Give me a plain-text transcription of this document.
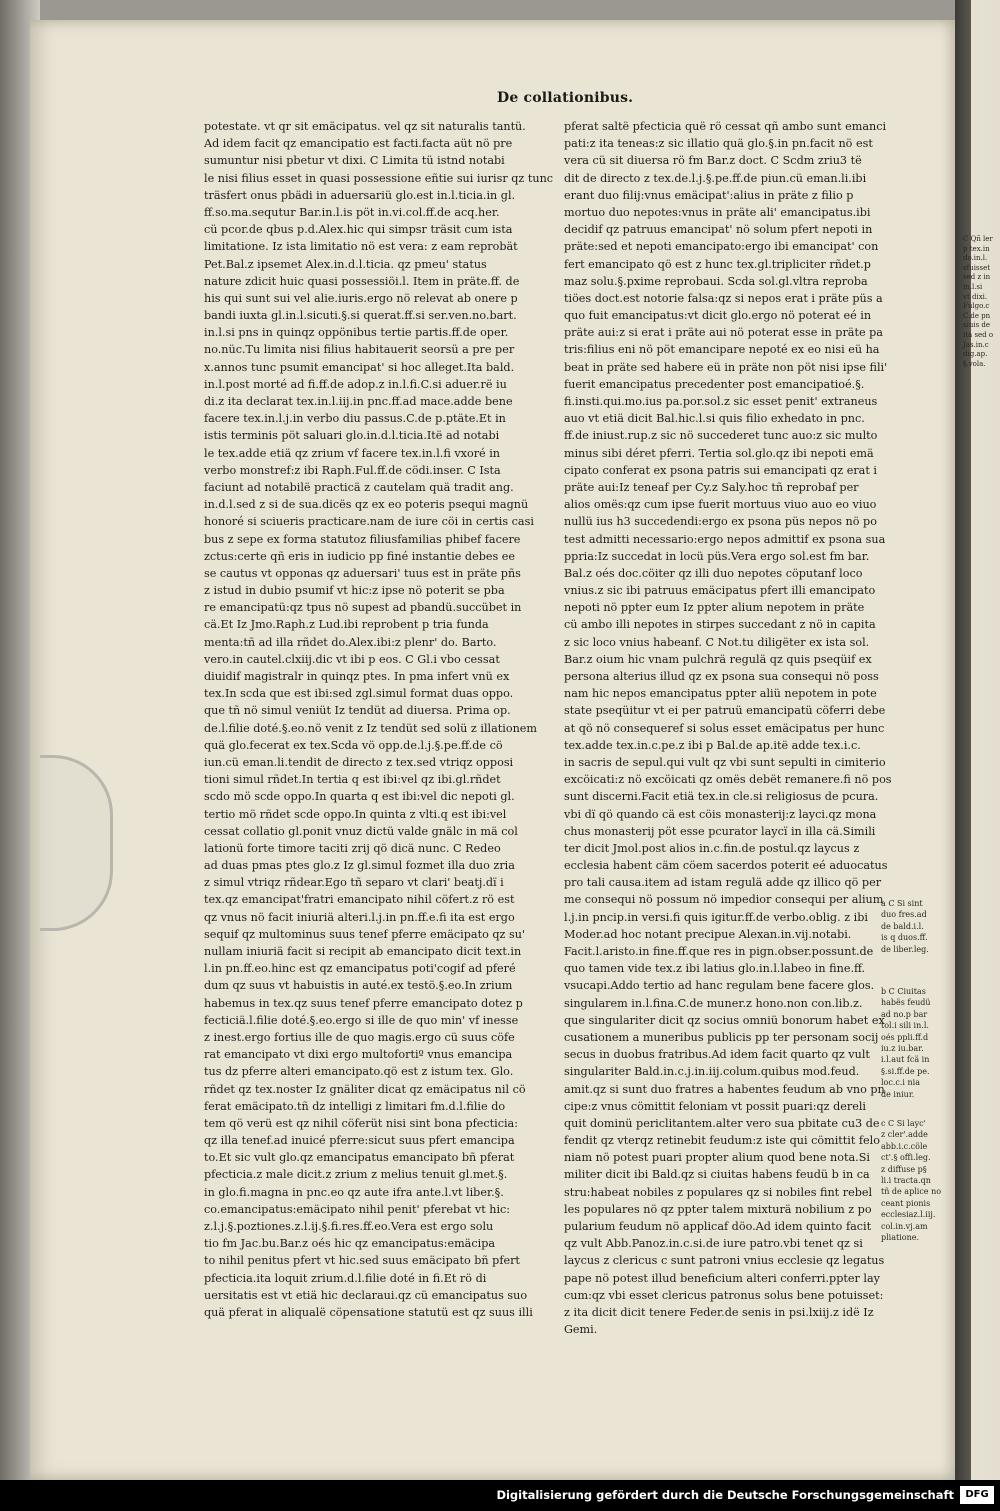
C Qñ ler
p tex.in
do.in.l.
sfuisset
sed z in
in.l.si
vt dixi.
Fulgo.c
C.de pn
siuis de
ita sed o
Jas.in.c
dig.ap.
§.vola.
De collationibus.
potestate. vt qr sit emäcipatus. vel qz sit naturalis tantü.
Ad idem facit qz emancipatio est facti.facta aüt nö pre
sumuntur nisi pbetur vt dixi. C Limita tü istnd notabi
le nisi filius esset in quasi possessione eñtie sui iurisr qz tunc
träsfert onus pbädi in aduersariü glo.est in.l.ticia.in gl.
ff.so.ma.sequtur Bar.in.l.is pöt in.vi.col.ff.de acq.her.
cü pcor.de qbus p.d.Alex.hic qui simpsr träsit cum ista
limitatione. Iz ista limitatio nö est vera: z eam reprobät
Pet.Bal.z ipsemet Alex.in.d.l.ticia. qz pmeu' status
nature zdicit huic quasi possessiöi.l. Item in präte.ff. de
his qui sunt sui vel alie.iuris.ergo nö relevat ab onere p
bandi iuxta gl.in.l.sicuti.§.si querat.ff.si ser.ven.no.bart.
in.l.si pns in quinqz oppönibus tertie partis.ff.de oper.
no.nüc.Tu limita nisi filius habitauerit seorsü a pre per
x.annos tunc psumit emancipat' si hoc alleget.Ita bald.
in.l.post morté ad fi.ff.de adop.z in.l.fi.C.si aduer.rë iu
di.z ita declarat tex.in.l.iij.in pnc.ff.ad mace.adde bene
facere tex.in.l.j.in verbo diu passus.C.de p.ptäte.Et in
istis terminis pöt saluari glo.in.d.l.ticia.Itë ad notabi
le tex.adde etiä qz zrium vf facere tex.in.l.fi vxoré in
verbo monstref:z ibi Raph.Ful.ff.de cödi.inser. C Ista
faciunt ad notabilë practicä z cautelam quä tradit ang.
in.d.l.sed z si de sua.dicës qz ex eo poteris psequi magnü
honoré si sciueris practicare.nam de iure cöi in certis casi
bus z sepe ex forma statutoz filiusfamilias phibef facere
zctus:certe qñ eris in iudicio pp finé instantie debes ee
se cautus vt opponas qz aduersari' tuus est in präte pñs
z istud in dubio psumif vt hic:z ipse nö poterit se pba
re emancipatü:qz tpus nö supest ad pbandü.succübet in
cä.Et Iz Jmo.Raph.z Lud.ibi reprobent p tria funda
menta:tñ ad illa rñdet do.Alex.ibi:z plenr' do. Barto.
vero.in cautel.clxiij.dic vt ibi p eos. C Gl.i vbo cessat
diuidif magistralr in quinqz ptes. In pma infert vnü ex
tex.In scda que est ibi:sed zgl.simul format duas oppo.
que tñ nö simul veniüt Iz tendüt ad diuersa. Prima op.
de.l.filie doté.§.eo.nö venit z Iz tendüt sed solü z illationem
quä glo.fecerat ex tex.Scda vö opp.de.l.j.§.pe.ff.de cö
iun.cü eman.li.tendit de directo z tex.sed vtriqz opposi
tioni simul rñdet.In tertia q est ibi:vel qz ibi.gl.rñdet
scdo mö scde oppo.In quarta q est ibi:vel dic nepoti gl.
tertio mö rñdet scde oppo.In quinta z vlti.q est ibi:vel
cessat collatio gl.ponit vnuz dictü valde gnälc in mä col
lationü forte timore taciti zrij qö dicä nunc. C Redeo
ad duas pmas ptes glo.z Iz gl.simul fozmet illa duo zria
z simul vtriqz rñdear.Ego tñ separo vt clari' beatj.dï i
tex.qz emancipat'fratri emancipato nihil cöfert.z rö est
qz vnus nö facit iniuriä alteri.l.j.in pn.ff.e.fi ita est ergo
sequif qz multominus suus tenef pferre emäcipato qz su'
nullam iniuriä facit si recipit ab emancipato dicit text.in
l.in pn.ff.eo.hinc est qz emancipatus poti'cogif ad pferé
dum qz suus vt habuistis in auté.ex testö.§.eo.In zrium
habemus in tex.qz suus tenef pferre emancipato dotez p
fecticiä.l.filie doté.§.eo.ergo si ille de quo min' vf inesse
z inest.ergo fortius ille de quo magis.ergo cü suus cöfe
rat emancipato vt dixi ergo multofortiº vnus emancipa
tus dz pferre alteri emancipato.qö est z istum tex. Glo.
rñdet qz tex.noster Iz gnäliter dicat qz emäcipatus nil cö
ferat emäcipato.tñ dz intelligi z limitari fm.d.l.filie do
tem qö verü est qz nihil cöferüt nisi sint bona pfecticia:
qz illa tenef.ad inuicé pferre:sicut suus pfert emancipa
to.Et sic vult glo.qz emancipatus emancipato bñ pferat
pfecticia.z male dicit.z zrium z melius tenuit gl.met.§.
in glo.fi.magna in pnc.eo qz aute ifra ante.l.vt liber.§.
co.emancipatus:emäcipato nihil penit' pferebat vt hic:
z.l.j.§.poztiones.z.l.ij.§.fi.res.ff.eo.Vera est ergo solu
tio fm Jac.bu.Bar.z oés hic qz emancipatus:emäcipa
to nihil penitus pfert vt hic.sed suus emäcipato bñ pfert
pfecticia.ita loquit zrium.d.l.filie doté in fi.Et rö di
uersitatis est vt etiä hic declaraui.qz cü emancipatus suo
quä pferat in aliqualë cöpensatione statutü est qz suus illi
pferat saltë pfecticia quë rö cessat qñ ambo sunt emanci
pati:z ita teneas:z sic illatio quä glo.§.in pn.facit nö est
vera cü sit diuersa rö fm Bar.z doct. C Scdm zriu3 të
dit de directo z tex.de.l.j.§.pe.ff.de piun.cü eman.li.ibi
erant duo filij:vnus emäcipat':alius in präte z filio p
mortuo duo nepotes:vnus in präte ali' emancipatus.ibi
decidif qz patruus emancipat' nö solum pfert nepoti in
präte:sed et nepoti emancipato:ergo ibi emancipat' con
fert emancipato qö est z hunc tex.gl.tripliciter rñdet.p
maz solu.§.pxime reprobaui. Scda sol.gl.vltra reproba
tiöes doct.est notorie falsa:qz si nepos erat i präte püs a
quo fuit emancipatus:vt dicit glo.ergo nö poterat eé in
präte aui:z si erat i präte aui nö poterat esse in präte pa
tris:filius eni nö pöt emancipare nepoté ex eo nisi eü ha
beat in präte sed habere eü in präte non pöt nisi ipse fili'
fuerit emancipatus precedenter post emancipatioé.§.
fi.insti.qui.mo.ius pa.por.sol.z sic esset penit' extraneus
auo vt etiä dicit Bal.hic.l.si quis filio exhedato in pnc.
ff.de iniust.rup.z sic nö succederet tunc auo:z sic multo
minus sibi déret pferri. Tertia sol.glo.qz ibi nepoti emä
cipato conferat ex psona patris sui emancipati qz erat i
präte aui:Iz teneaf per Cy.z Saly.hoc tñ reprobaf per
alios omës:qz cum ipse fuerit mortuus viuo auo eo viuo
nullü ius h3 succedendi:ergo ex psona püs nepos nö po
test admitti necessario:ergo nepos admittif ex psona sua
ppria:Iz succedat in locü püs.Vera ergo sol.est fm bar.
Bal.z oés doc.cöiter qz illi duo nepotes cöputanf loco
vnius.z sic ibi patruus emäcipatus pfert illi emancipato
nepoti nö ppter eum Iz ppter alium nepotem in präte
cü ambo illi nepotes in stirpes succedant z nö in capita
z sic loco vnius habeanf. C Not.tu diligëter ex ista sol.
Bar.z oium hic vnam pulchrä regulä qz quis pseqüif ex
persona alterius illud qz ex psona sua consequi nö poss
nam hic nepos emancipatus ppter aliü nepotem in pote
state pseqüitur vt ei per patruü emancipatü cöferri debe
at qö nö consequeref si solus esset emäcipatus per hunc
tex.adde tex.in.c.pe.z ibi p Bal.de ap.itë adde tex.i.c.
in sacris de sepul.qui vult qz vbi sunt sepulti in cimiterio
excöicati:z nö excöicati qz omës debët remanere.fi nö pos
sunt discerni.Facit etiä tex.in cle.si religiosus de pcura.
vbi dï qö quando cä est cöis monasterij:z layci.qz mona
chus monasterij pöt esse pcurator laycï in illa cä.Simili
ter dicit Jmol.post alios in.c.fin.de postul.qz laycus z
ecclesia habent cäm cöem sacerdos poterit eé aduocatus
pro tali causa.item ad istam regulä adde qz illico qö per
me consequi nö possum nö impedior consequi per alium
l.j.in pncip.in versi.fi quis igitur.ff.de verbo.oblig. z ibi
Moder.ad hoc notant precipue Alexan.in.vij.notabi.
Facit.l.aristo.in fine.ff.que res in pign.obser.possunt.de
quo tamen vide tex.z ibi latius glo.in.l.labeo in fine.ff.
vsucapi.Addo tertio ad hanc regulam bene facere glos.
singularem in.l.fina.C.de muner.z hono.non con.lib.z.
que singulariter dicit qz socius omniü bonorum habet ex
cusationem a muneribus publicis pp ter personam socij
secus in duobus fratribus.Ad idem facit quarto qz vult
singulariter Bald.in.c.j.in.iij.colum.quibus mod.feud.
amit.qz si sunt duo fratres a habentes feudum ab vno pn
cipe:z vnus cömittit feloniam vt possit puari:qz dereli
quit dominü periclitantem.alter vero sua pbitate cu3 de
fendit qz vterqz retinebit feudum:z iste qui cömittit felo
niam nö potest puari propter alium quod bene nota.Si
militer dicit ibi Bald.qz si ciuitas habens feudü b in ca
stru:habeat nobiles z populares qz si nobiles fint rebel
les populares nö qz ppter talem mixturä nobilium z po
pularium feudum nö applicaf döo.Ad idem quinto facit
qz vult Abb.Panoz.in.c.si.de iure patro.vbi tenet qz si
laycus z clericus c sunt patroni vnius ecclesie qz legatus
pape nö potest illud beneficium alteri conferri.ppter lay
cum:qz vbi esset clericus patronus solus bene potuisset:
z ita dicit dicit tenere Feder.de senis in psi.lxiij.z idë Iz
Gemi.
a C Si sint
duo fres.ad
de bald.i.l.
is q duos.ff.
de liber.leg.
b C Ciuitas
habës feudü
ad no.p bar
tol.i sili in.l.
oés ppli.ff.d
iu.z iu.bar.
i.l.aut fcä in
§.si.ff.de pe.
loc.c.i nia
de iniur.
c C Si layc'
z cler'.adde
abb.i.c.cöle
ct'.§ offi.leg.
z diffuse p§
li.i tracta.qn
tñ de aplice no
ceant pionis
ecclesiaz.l.iij.
col.in.vj.am
pliatione.
Digitalisierung gefördert durch die Deutsche Forschungsgemeinschaft	DFG
